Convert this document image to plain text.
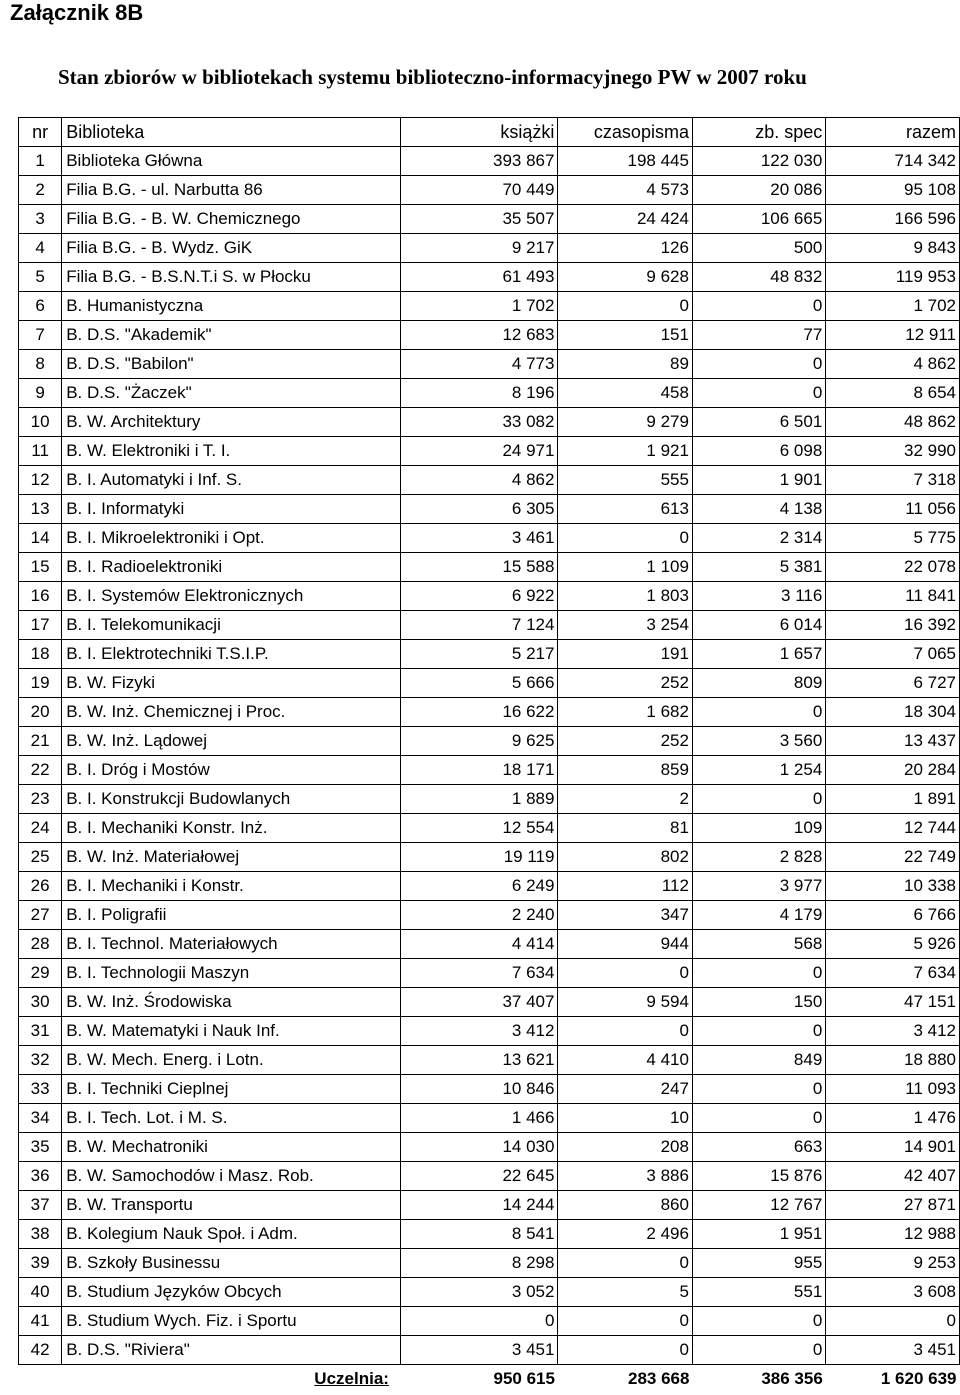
Załącznik 8B
Stan zbiorów w bibliotekach systemu biblioteczno-informacyjnego PW w 2007 roku
nr	Biblioteka	książki	czasopisma	zb. spec	razem
1	Biblioteka Główna	393 867	198 445	122 030	714 342
2	Filia B.G. - ul. Narbutta 86	70 449	4 573	20 086	95 108
3	Filia B.G. - B. W. Chemicznego	35 507	24 424	106 665	166 596
4	Filia B.G. - B. Wydz. GiK	9 217	126	500	9 843
5	Filia B.G. - B.S.N.T.i S. w Płocku	61 493	9 628	48 832	119 953
6	B. Humanistyczna	1 702	0	0	1 702
7	B. D.S. "Akademik"	12 683	151	77	12 911
8	B. D.S. "Babilon"	4 773	89	0	4 862
9	B. D.S. "Żaczek"	8 196	458	0	8 654
10	B. W. Architektury	33 082	9 279	6 501	48 862
11	B. W. Elektroniki i T. I.	24 971	1 921	6 098	32 990
12	B. I. Automatyki i Inf. S.	4 862	555	1 901	7 318
13	B. I. Informatyki	6 305	613	4 138	11 056
14	B. I. Mikroelektroniki i Opt.	3 461	0	2 314	5 775
15	B. I. Radioelektroniki	15 588	1 109	5 381	22 078
16	B. I. Systemów Elektronicznych	6 922	1 803	3 116	11 841
17	B. I. Telekomunikacji	7 124	3 254	6 014	16 392
18	B. I. Elektrotechniki T.S.I.P.	5 217	191	1 657	7 065
19	B. W. Fizyki	5 666	252	809	6 727
20	B. W. Inż. Chemicznej i Proc.	16 622	1 682	0	18 304
21	B. W. Inż. Lądowej	9 625	252	3 560	13 437
22	B. I. Dróg i Mostów	18 171	859	1 254	20 284
23	B. I. Konstrukcji Budowlanych	1 889	2	0	1 891
24	B. I. Mechaniki Konstr. Inż.	12 554	81	109	12 744
25	B. W. Inż. Materiałowej	19 119	802	2 828	22 749
26	B. I. Mechaniki i Konstr.	6 249	112	3 977	10 338
27	B. I. Poligrafii	2 240	347	4 179	6 766
28	B. I. Technol. Materiałowych	4 414	944	568	5 926
29	B. I. Technologii Maszyn	7 634	0	0	7 634
30	B. W. Inż. Środowiska	37 407	9 594	150	47 151
31	B. W. Matematyki i Nauk Inf.	3 412	0	0	3 412
32	B. W. Mech. Energ. i Lotn.	13 621	4 410	849	18 880
33	B. I. Techniki Cieplnej	10 846	247	0	11 093
34	B. I. Tech. Lot. i M. S.	1 466	10	0	1 476
35	B. W. Mechatroniki	14 030	208	663	14 901
36	B. W. Samochodów i Masz. Rob.	22 645	3 886	15 876	42 407
37	B. W. Transportu	14 244	860	12 767	27 871
38	B. Kolegium Nauk Społ. i Adm.	8 541	2 496	1 951	12 988
39	B. Szkoły Businessu	8 298	0	955	9 253
40	B. Studium Języków Obcych	3 052	5	551	3 608
41	B. Studium Wych. Fiz. i Sportu	0	0	0	0
42	B. D.S. "Riviera"	3 451	0	0	3 451
	Uczelnia:	950 615	283 668	386 356	1 620 639
